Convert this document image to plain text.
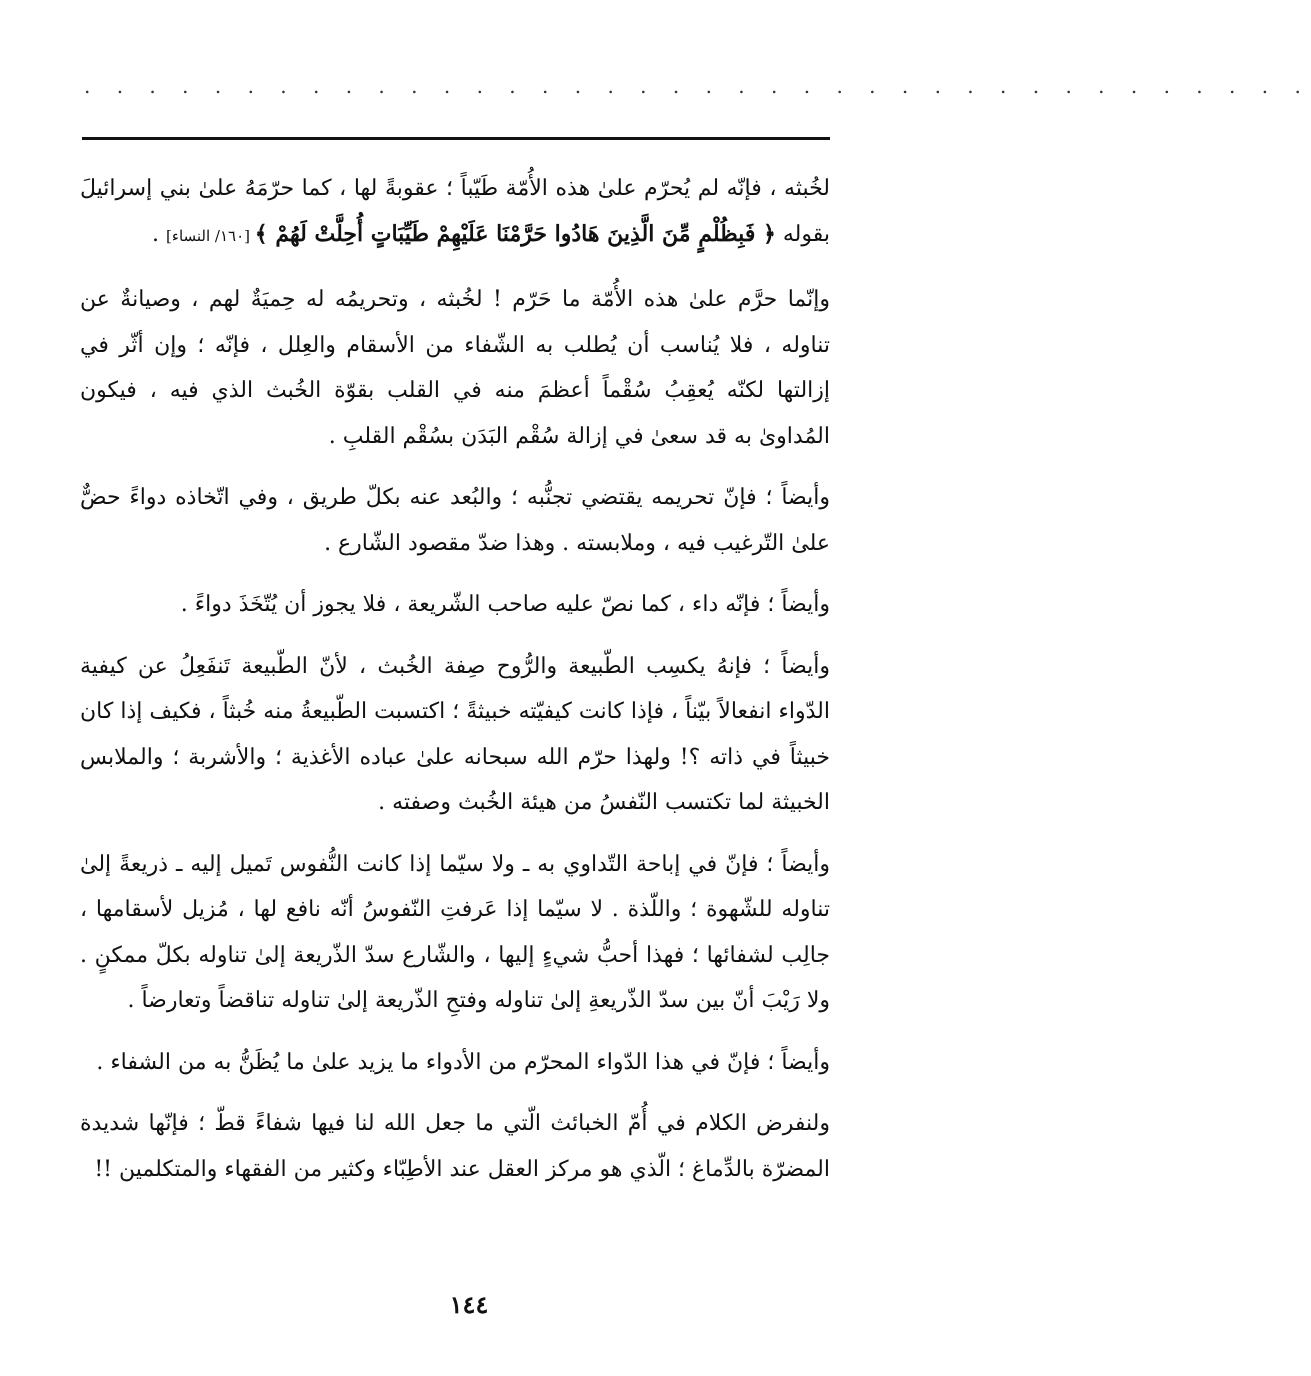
. . . . . . . . . . . . . . . . . . . . . . . . . . . . . . . . . . . . . .

لخُبثه ، فإنّه لم يُحرّم علىٰ هذه الأُمّة طَيّباً ؛ عقوبةً لها ، كما حرّمَهُ علىٰ بني إسرائيلَ بقوله ﴿ فَبِظُلْمٍ مِّنَ الَّذِينَ هَادُوا حَرَّمْنَا عَلَيْهِمْ طَيِّبَاتٍ أُحِلَّتْ لَهُمْ ﴾ [١٦٠/ النساء] .

وإنّما حرَّم علىٰ هذه الأُمّة ما حَرّم ! لخُبثه ، وتحريمُه له حِميَةٌ لهم ، وصيانةٌ عن تناوله ، فلا يُناسب أن يُطلب به الشّفاء من الأسقام والعِلل ، فإنّه ؛ وإن أثّر في إزالتها لكنّه يُعقِبُ سُقْماً أعظمَ منه في القلب بقوّة الخُبث الذي فيه ، فيكون المُداوىٰ به قد سعىٰ في إزالة سُقْم البَدَن بسُقْم القلبِ .

وأيضاً ؛ فإنّ تحريمه يقتضي تجنُّبه ؛ والبُعد عنه بكلّ طريق ، وفي اتّخاذه دواءً حضٌّ علىٰ التّرغيب فيه ، وملابسته . وهذا ضدّ مقصود الشّارع .

وأيضاً ؛ فإنّه داء ، كما نصّ عليه صاحب الشّريعة ، فلا يجوز أن يُتّخَذَ دواءً .

وأيضاً ؛ فإنهُ يكسِب الطّبيعة والرُّوح صِفة الخُبث ، لأنّ الطّبيعة تَنفَعِلُ عن كيفية الدّواء انفعالاً بيّناً ، فإذا كانت كيفيّته خبيثةً ؛ اكتسبت الطّبيعةُ منه خُبثاً ، فكيف إذا كان خبيثاً في ذاته ؟! ولهذا حرّم الله سبحانه علىٰ عباده الأغذية ؛ والأشربة ؛ والملابس الخبيثة لما تكتسب النّفسُ من هيئة الخُبث وصفته .

وأيضاً ؛ فإنّ في إباحة التّداوي به ـ ولا سيّما إذا كانت النُّفوس تَميل إليه ـ ذريعةً إلىٰ تناوله للشّهوة ؛ واللّذة . لا سيّما إذا عَرفتِ النّفوسُ أنّه نافع لها ، مُزيل لأسقامها ، جالِب لشفائها ؛ فهذا أحبُّ شيءٍ إليها ، والشّارع سدّ الذّريعة إلىٰ تناوله بكلّ ممكنٍ . ولا رَيْبَ أنّ بين سدّ الذّريعةِ إلىٰ تناوله وفتحِ الذّريعة إلىٰ تناوله تناقضاً وتعارضاً .

وأيضاً ؛ فإنّ في هذا الدّواء المحرّم من الأدواء ما يزيد علىٰ ما يُظَنُّ به من الشفاء .

ولنفرض الكلام في أُمّ الخبائث الّتي ما جعل الله لنا فيها شفاءً قطّ ؛ فإنّها شديدة المضرّة بالدِّماغ ؛ الّذي هو مركز العقل عند الأطِبّاء وكثير من الفقهاء والمتكلمين !!

١٤٤
